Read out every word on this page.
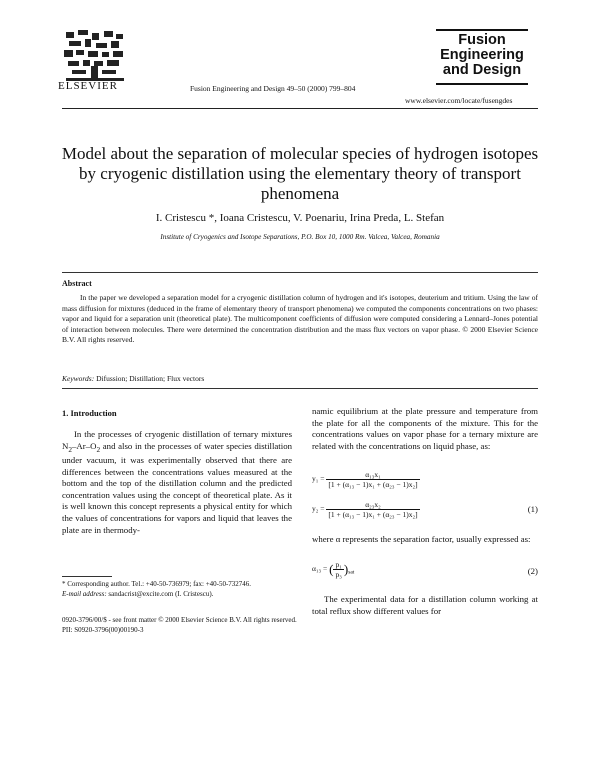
ELSEVIER	Fusion Engineering and Design 49–50 (2000) 799–804
Fusion
Engineering
and Design
www.elsevier.com/locate/fusengdes
Model about the separation of molecular species of hydrogen isotopes by cryogenic distillation using the elementary theory of transport phenomena
I. Cristescu *, Ioana Cristescu, V. Poenariu, Irina Preda, L. Stefan
Institute of Cryogenics and Isotope Separations, P.O. Box 10, 1000 Rm. Valcea, Valcea, Romania
Abstract
In the paper we developed a separation model for a cryogenic distillation column of hydrogen and it's isotopes, deuterium and tritium. Using the law of mass diffusion for mixtures (deduced in the frame of elementary theory of transport phenomena) we computed the components concentrations on two phases: vapor and liquid for a separation unit (theoretical plate). The multicomponent coefficients of diffusion were computed considering a Lennard–Jones potential of interaction between molecules. There were determined the concentration distribution and the mass flux vectors on vapor phase. © 2000 Elsevier Science B.V. All rights reserved.
Keywords: Difussion; Distillation; Flux vectors
1. Introduction
In the processes of cryogenic distillation of ternary mixtures $N_2-Ar-O_2$ and also in the processes of water species distillation under vacuum, it was experimentally observed that there are differences between the concentrations values measured at the bottom and the top of the distillation column and the predicted concentration values using the concept of theoretical plate. As it is well known this concept represents a physical entity for which the values of concentrations for vapors and liquid that leaves the plate are in thermody-
* Corresponding author. Tel.: +40-50-736979; fax: +40-50-732746.
E-mail address: sandacrist@excite.com (I. Cristescu).
0920-3796/00/$ - see front matter © 2000 Elsevier Science B.V. All rights reserved.
PII: S0920-3796(00)00190-3
namic equilibrium at the plate pressure and temperature from the plate for all the components of the mixture. This for the concentrations values on vapor phase for a ternary mixture are related with the concentrations on liquid phase, as:
$y_1 = \frac{\text{α₁₃x₁}}{\text{[1 + (α₁₃ − 1)x₁ + (α₂₃ − 1)x₂]}}$
$y_2 = \frac{\text{α₂₃x₂}}{\text{[1 + (α₁₃ − 1)x₁ + (α₂₃ − 1)x₂]}}$	(1)
where α represents the separation factor, usually expressed as:
α₁₃ = ( $\frac{\text{p₁}}{\text{p₃}} )_{sat}$	(2)
The experimental data for a distillation column working at total reflux show different values for
